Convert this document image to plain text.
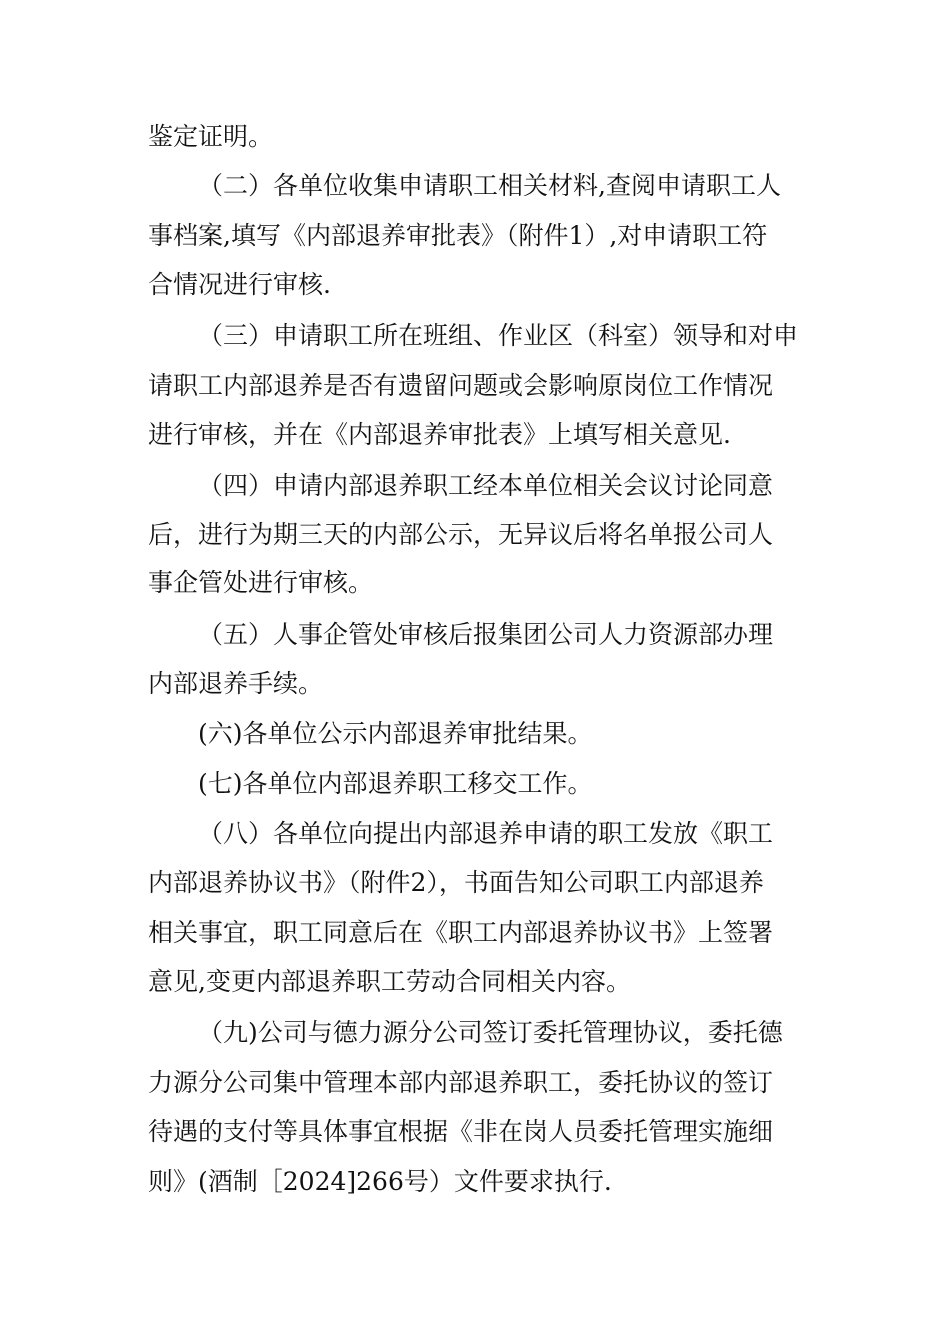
鉴定证明。
（二）各单位收集申请职工相关材料,查阅申请职工人
事档案,填写《内部退养审批表》（附件1）,对申请职工符
合情况进行审核.
（三）申请职工所在班组、作业区（科室）领导和对申
请职工内部退养是否有遗留问题或会影响原岗位工作情况
进行审核，并在《内部退养审批表》上填写相关意见.
（四）申请内部退养职工经本单位相关会议讨论同意
后，进行为期三天的内部公示，无异议后将名单报公司人
事企管处进行审核。
（五）人事企管处审核后报集团公司人力资源部办理
内部退养手续。
(六)各单位公示内部退养审批结果。
(七)各单位内部退养职工移交工作。
（八）各单位向提出内部退养申请的职工发放《职工
内部退养协议书》（附件2），书面告知公司职工内部退养
相关事宜，职工同意后在《职工内部退养协议书》上签署
意见,变更内部退养职工劳动合同相关内容。
（九)公司与德力源分公司签订委托管理协议，委托德
力源分公司集中管理本部内部退养职工，委托协议的签订
待遇的支付等具体事宜根据《非在岗人员委托管理实施细
则》(酒制［2024]266号）文件要求执行.
